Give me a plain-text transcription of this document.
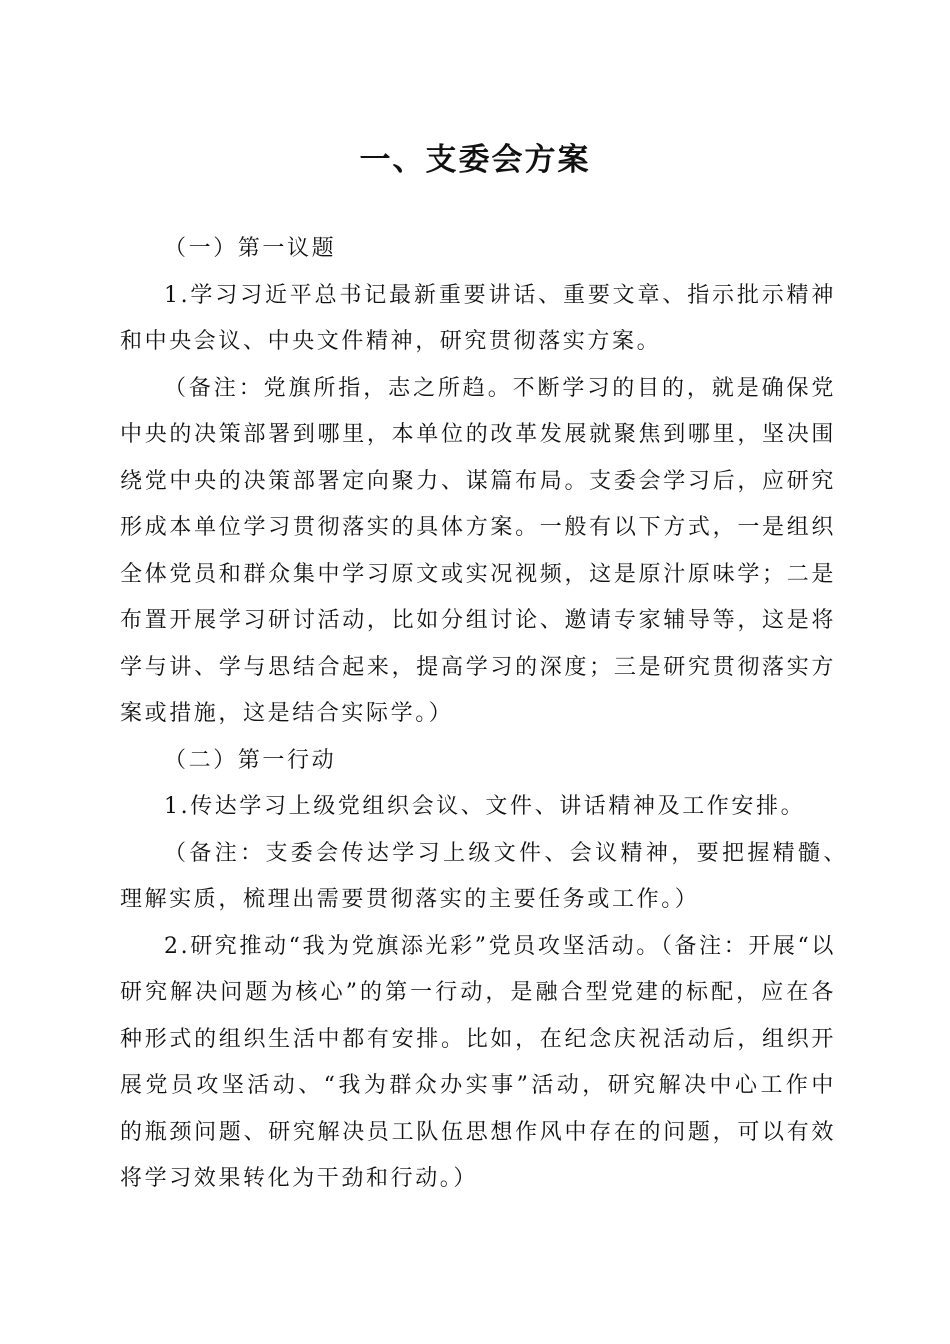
一、支委会方案

（一）第一议题

1.学习习近平总书记最新重要讲话、重要文章、指示批示精神和中央会议、中央文件精神，研究贯彻落实方案。

（备注：党旗所指，志之所趋。不断学习的目的，就是确保党中央的决策部署到哪里，本单位的改革发展就聚焦到哪里，坚决围绕党中央的决策部署定向聚力、谋篇布局。支委会学习后，应研究形成本单位学习贯彻落实的具体方案。一般有以下方式，一是组织全体党员和群众集中学习原文或实况视频，这是原汁原味学；二是布置开展学习研讨活动，比如分组讨论、邀请专家辅导等，这是将学与讲、学与思结合起来，提高学习的深度；三是研究贯彻落实方案或措施，这是结合实际学。）

（二）第一行动

1.传达学习上级党组织会议、文件、讲话精神及工作安排。

（备注：支委会传达学习上级文件、会议精神，要把握精髓、理解实质，梳理出需要贯彻落实的主要任务或工作。）

2.研究推动“我为党旗添光彩”党员攻坚活动。（备注：开展“以研究解决问题为核心”的第一行动，是融合型党建的标配，应在各种形式的组织生活中都有安排。比如，在纪念庆祝活动后，组织开展党员攻坚活动、“我为群众办实事”活动，研究解决中心工作中的瓶颈问题、研究解决员工队伍思想作风中存在的问题，可以有效将学习效果转化为干劲和行动。）
